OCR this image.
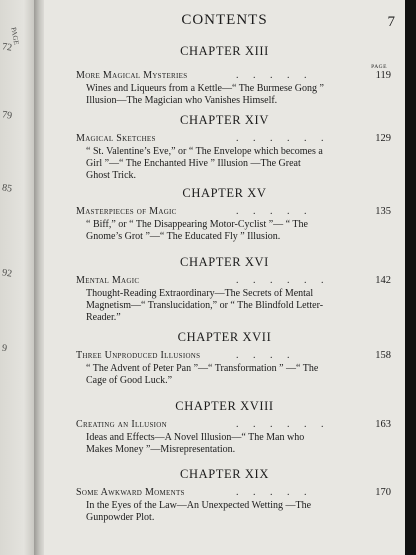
PAGE
72
79
85
92
9
CONTENTS	7
CHAPTER XIII
PAGE
More Magical Mysteries	. . . . .	119
Wines and Liqueurs from a Kettle—“ The Burmese Gong ” Illusion—The Magician who Vanishes Himself.
CHAPTER XIV
Magical Sketches	. . . . . .	129
“ St. Valentine’s Eve,” or “ The Envelope which becomes a Girl ”—“ The Enchanted Hive ” Illusion —The Great Ghost Trick.
CHAPTER XV
Masterpieces of Magic	. . . . .	135
“ Biff,” or “ The Disappearing Motor-Cyclist ”— “ The Gnome’s Grot ”—“ The Educated Fly ” Illusion.
CHAPTER XVI
Mental Magic	. . . . . .	142
Thought-Reading Extraordinary—The Secrets of Mental Magnetism—“ Translucidation,” or “ The Blindfold Letter-Reader.”
CHAPTER XVII
Three Unproduced Illusions	. . . .	158
“ The Advent of Peter Pan ”—“ Transformation ” —“ The Cage of Good Luck.”
CHAPTER XVIII
Creating an Illusion	. . . . . .	163
Ideas and Effects—A Novel Illusion—“ The Man who Makes Money ”—Misrepresentation.
CHAPTER XIX
Some Awkward Moments	. . . . .	170
In the Eyes of the Law—An Unexpected Wetting —The Gunpowder Plot.
